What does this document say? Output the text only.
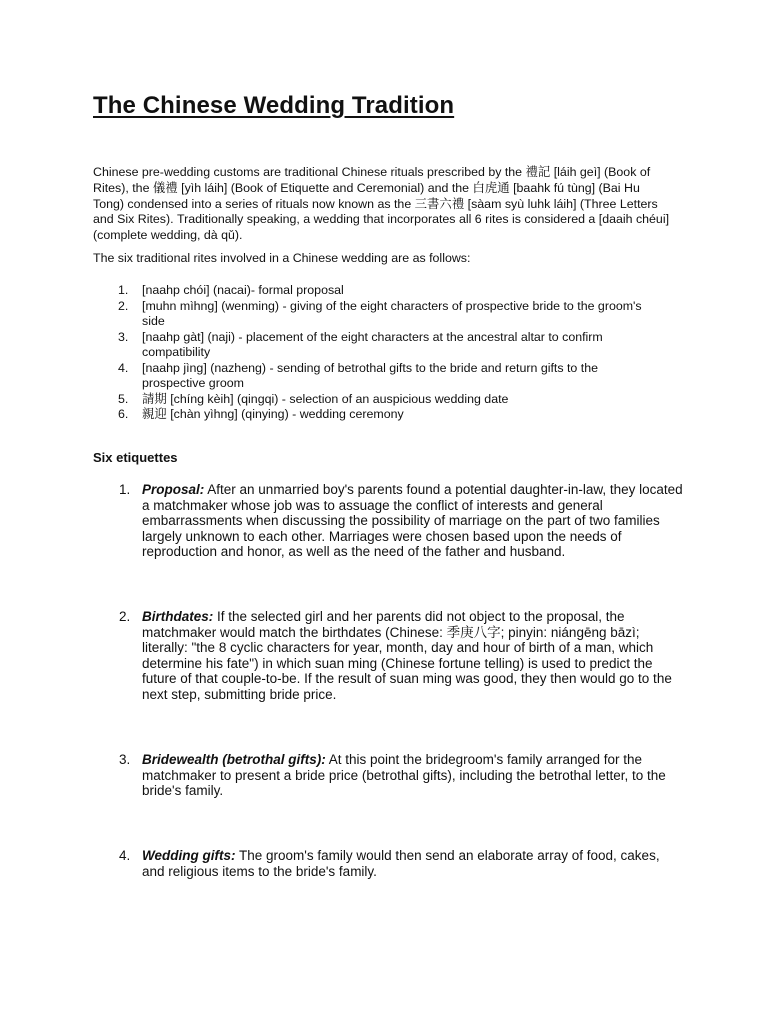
The Chinese Wedding Tradition

Chinese pre-wedding customs are traditional Chinese rituals prescribed by the 禮記 [láih geì] (Book of Rites), the 儀禮 [yìh láih] (Book of Etiquette and Ceremonial) and the 白虎通 [baahk fú tùng] (Bai Hu Tong) condensed into a series of rituals now known as the 三書六禮 [sàam syù luhk láih] (Three Letters and Six Rites). Traditionally speaking, a wedding that incorporates all 6 rites is considered a [daaih chéui] (complete wedding, dà qǔ).

The six traditional rites involved in a Chinese wedding are as follows:

1. [naahp chói] (nacai)- formal proposal
2. [muhn mìhng] (wenming) - giving of the eight characters of prospective bride to the groom's side
3. [naahp gàt] (naji) - placement of the eight characters at the ancestral altar to confirm compatibility
4. [naahp jìng] (nazheng) - sending of betrothal gifts to the bride and return gifts to the prospective groom
5. 請期 [chíng kèih] (qingqi) - selection of an auspicious wedding date
6. 親迎 [chàn yìhng] (qinying) - wedding ceremony

Six etiquettes

1. Proposal: After an unmarried boy's parents found a potential daughter-in-law, they located a matchmaker whose job was to assuage the conflict of interests and general embarrassments when discussing the possibility of marriage on the part of two families largely unknown to each other. Marriages were chosen based upon the needs of reproduction and honor, as well as the need of the father and husband.

2. Birthdates: If the selected girl and her parents did not object to the proposal, the matchmaker would match the birthdates (Chinese: 季庚八字; pinyin: niángēng bāzì; literally: "the 8 cyclic characters for year, month, day and hour of birth of a man, which determine his fate") in which suan ming (Chinese fortune telling) is used to predict the future of that couple-to-be. If the result of suan ming was good, they then would go to the next step, submitting bride price.

3. Bridewealth (betrothal gifts): At this point the bridegroom's family arranged for the matchmaker to present a bride price (betrothal gifts), including the betrothal letter, to the bride's family.

4. Wedding gifts: The groom's family would then send an elaborate array of food, cakes, and religious items to the bride's family.
